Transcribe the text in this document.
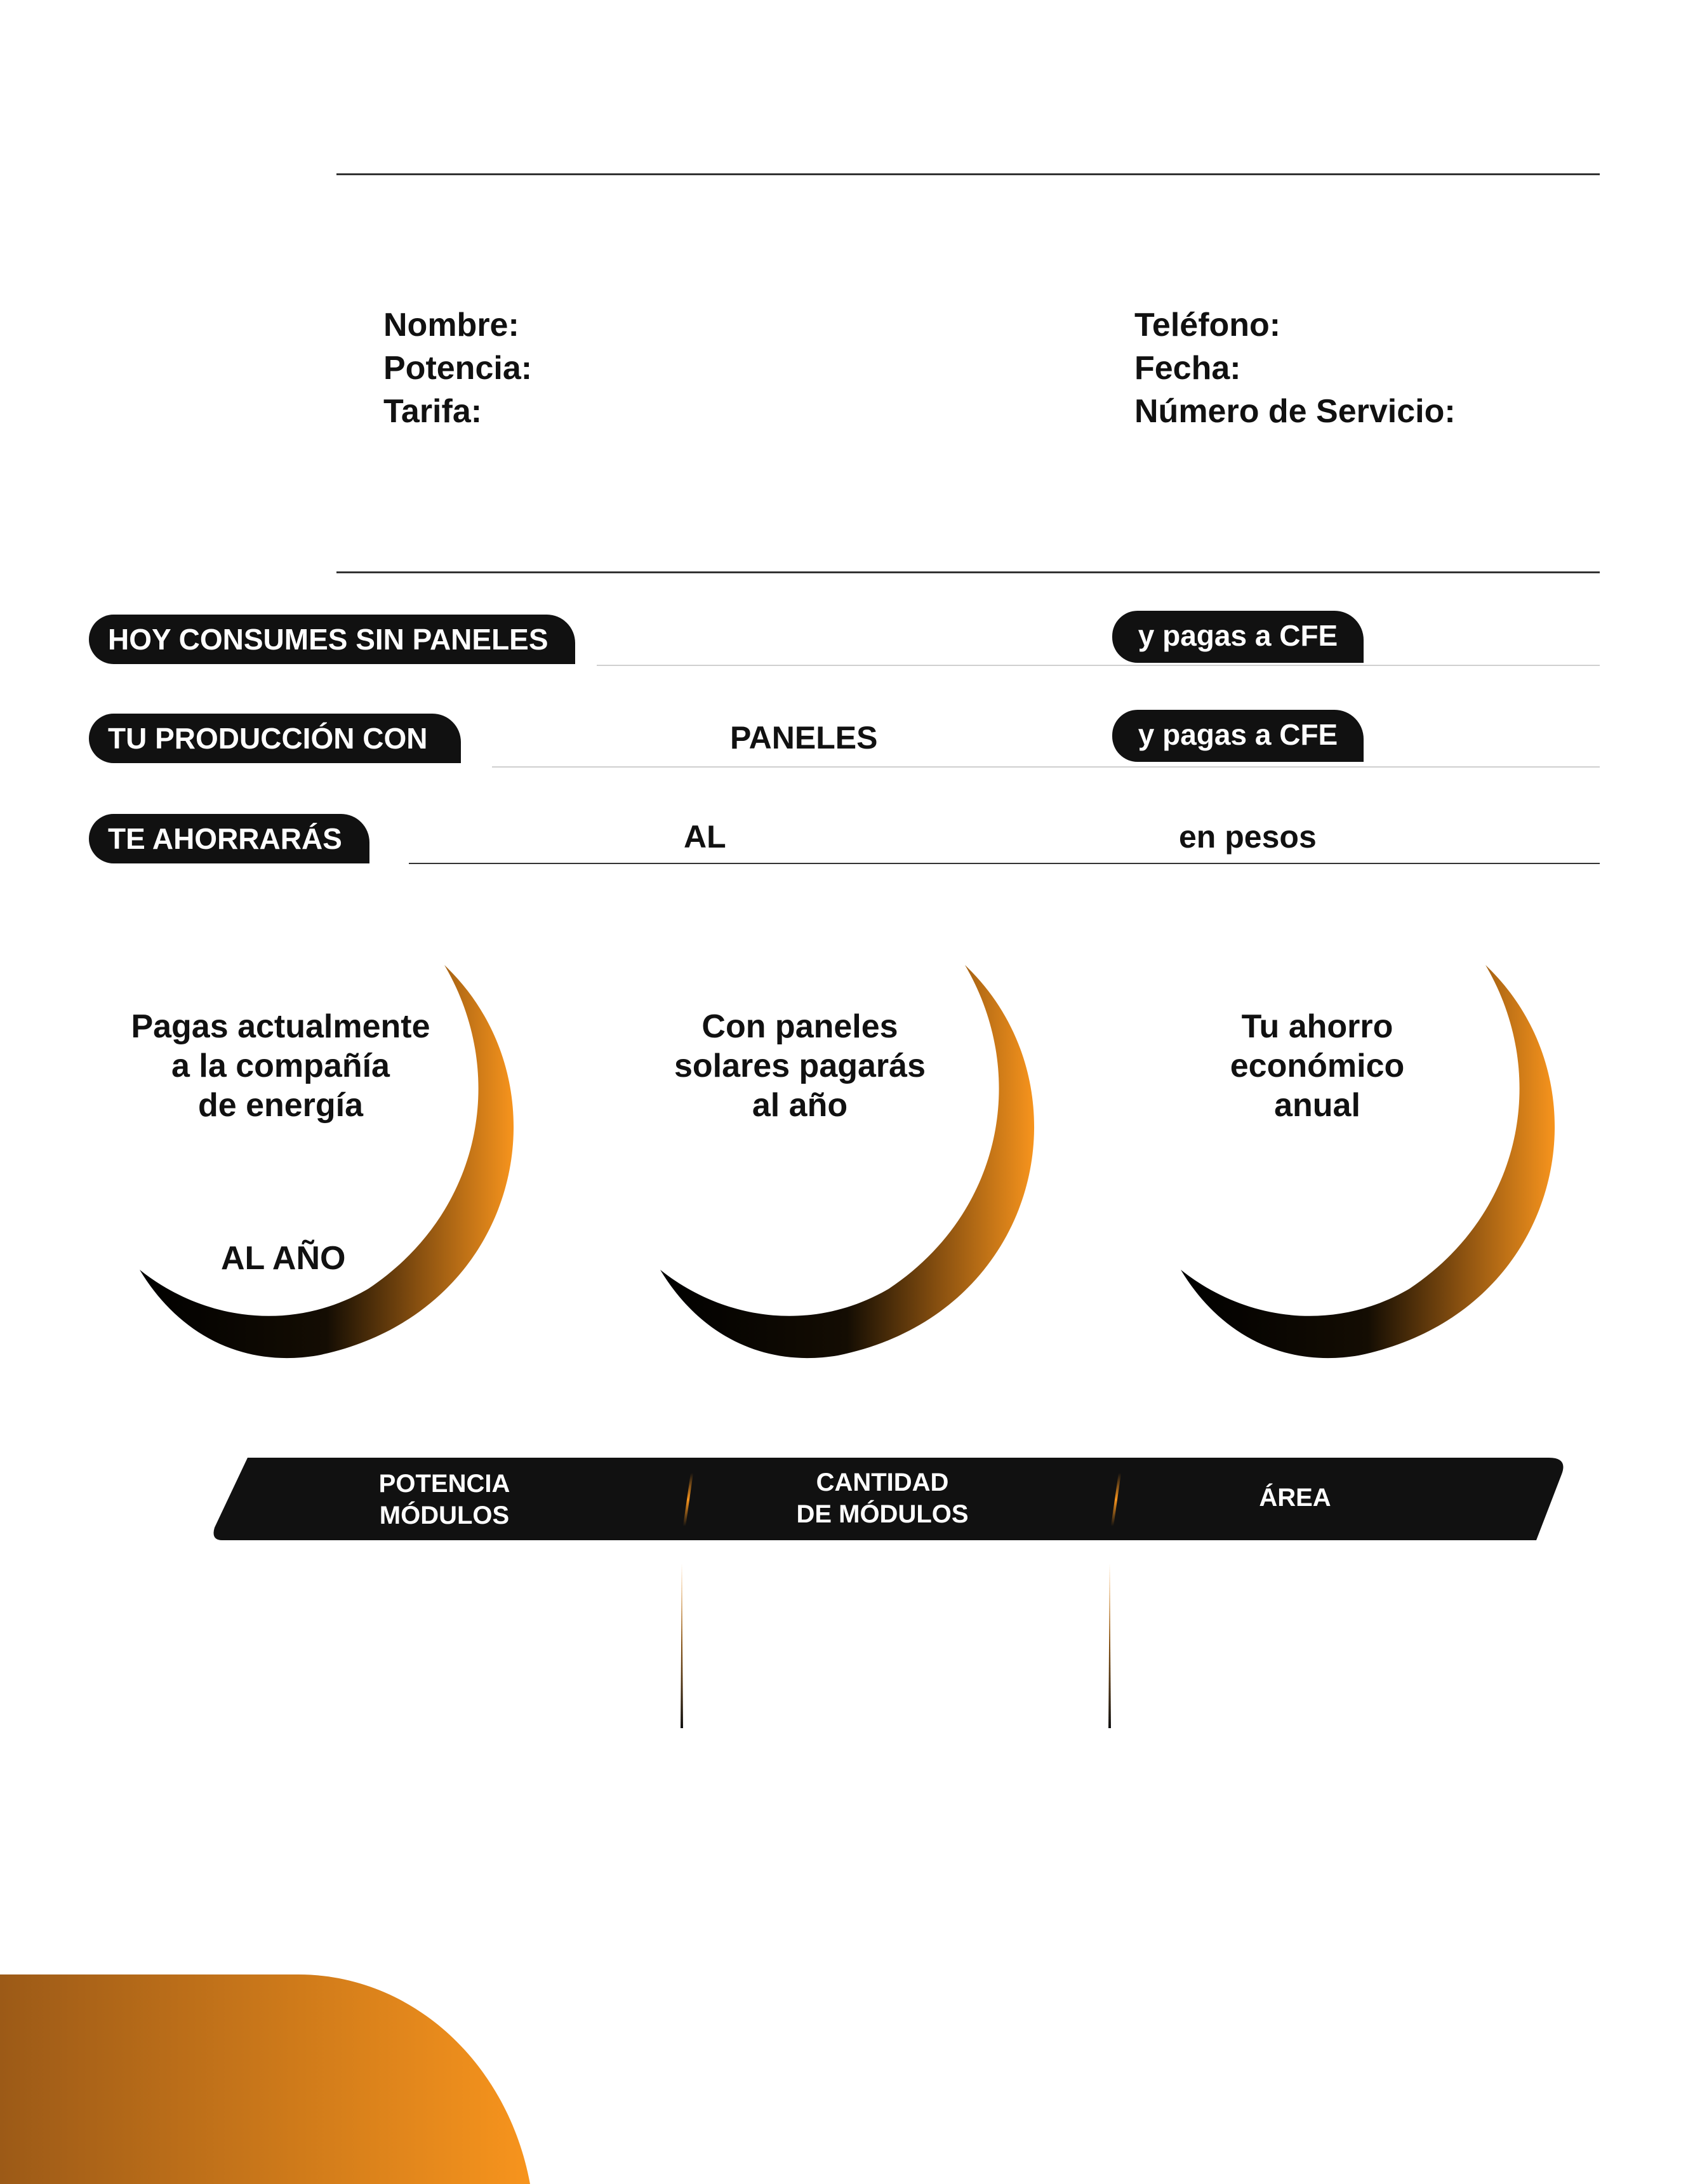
Nombre:
Potencia:
Tarifa:
Teléfono:
Fecha:
Número de Servicio:
HOY CONSUMES SIN PANELES	y pagas a CFE
TU PRODUCCIÓN CON	PANELES	y pagas a CFE
TE AHORRARÁS	AL	en pesos
Pagas actualmente
a la compañía
de energía
AL AÑO
Con paneles
solares pagarás
al año
Tu ahorro
económico
anual
POTENCIA
MÓDULOS
CANTIDAD
DE MÓDULOS
ÁREA
